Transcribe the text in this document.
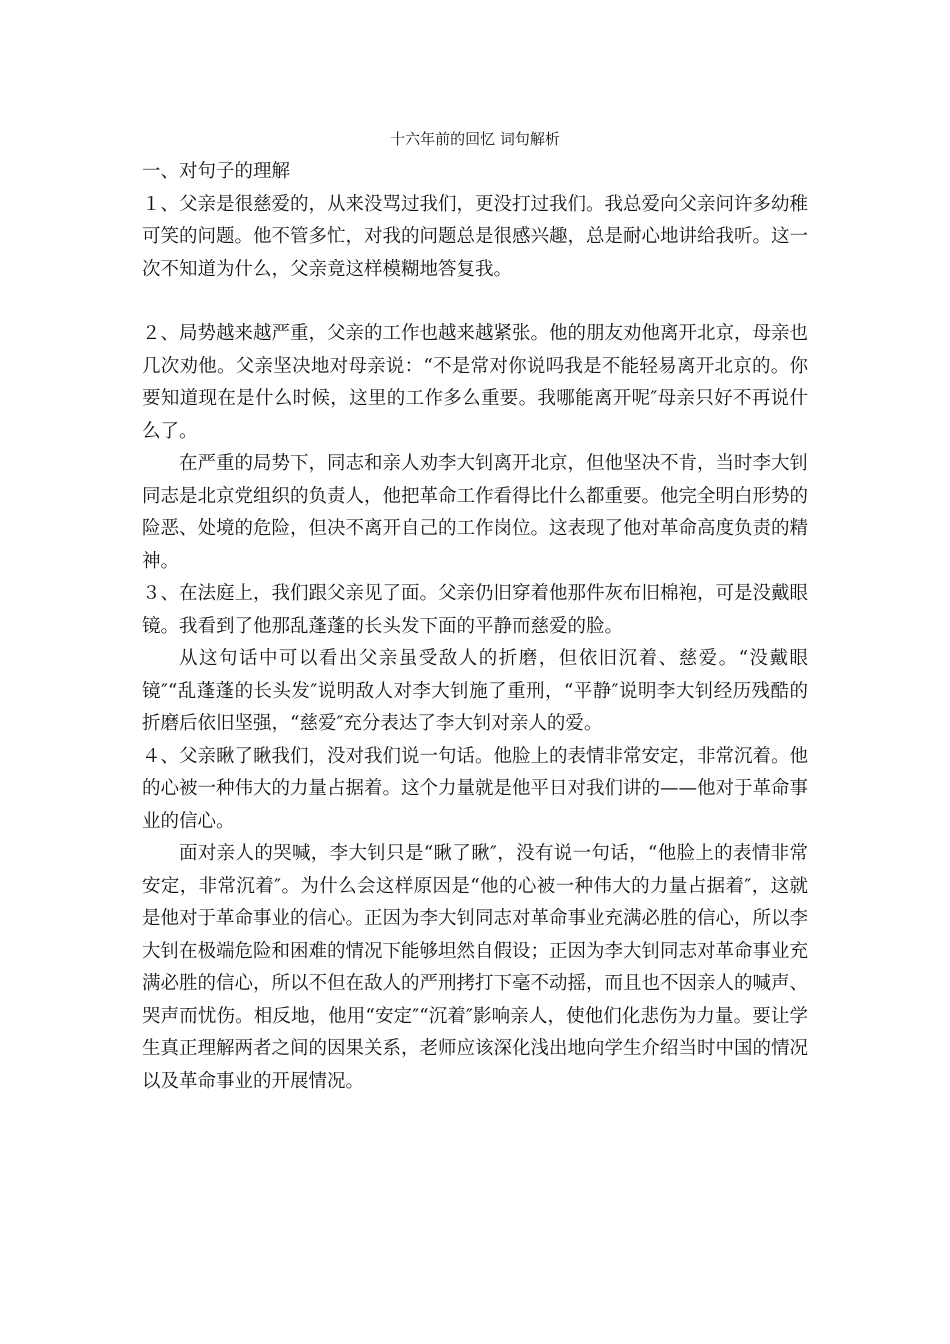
十六年前的回忆 词句解析

一、对句子的理解

１、父亲是很慈爱的，从来没骂过我们，更没打过我们。我总爱向父亲问许多幼稚可笑的问题。他不管多忙，对我的问题总是很感兴趣，总是耐心地讲给我听。这一次不知道为什么，父亲竟这样模糊地答复我。

２、局势越来越严重，父亲的工作也越来越紧张。他的朋友劝他离开北京，母亲也几次劝他。父亲坚决地对母亲说：“不是常对你说吗我是不能轻易离开北京的。你要知道现在是什么时候，这里的工作多么重要。我哪能离开呢″母亲只好不再说什么了。

在严重的局势下，同志和亲人劝李大钊离开北京，但他坚决不肯，当时李大钊同志是北京党组织的负责人，他把革命工作看得比什么都重要。他完全明白形势的险恶、处境的危险，但决不离开自己的工作岗位。这表现了他对革命高度负责的精神。

３、在法庭上，我们跟父亲见了面。父亲仍旧穿着他那件灰布旧棉袍，可是没戴眼镜。我看到了他那乱蓬蓬的长头发下面的平静而慈爱的脸。

从这句话中可以看出父亲虽受敌人的折磨，但依旧沉着、慈爱。“没戴眼镜″“乱蓬蓬的长头发″说明敌人对李大钊施了重刑，“平静″说明李大钊经历残酷的折磨后依旧坚强，“慈爱″充分表达了李大钊对亲人的爱。

４、父亲瞅了瞅我们，没对我们说一句话。他脸上的表情非常安定，非常沉着。他的心被一种伟大的力量占据着。这个力量就是他平日对我们讲的——他对于革命事业的信心。

面对亲人的哭喊，李大钊只是“瞅了瞅″，没有说一句话，“他脸上的表情非常安定，非常沉着″。为什么会这样原因是“他的心被一种伟大的力量占据着″，这就是他对于革命事业的信心。正因为李大钊同志对革命事业充满必胜的信心，所以李大钊在极端危险和困难的情况下能够坦然自假设；正因为李大钊同志对革命事业充满必胜的信心，所以不但在敌人的严刑拷打下毫不动摇，而且也不因亲人的喊声、哭声而忧伤。相反地，他用“安定″“沉着″影响亲人，使他们化悲伤为力量。要让学生真正理解两者之间的因果关系，老师应该深化浅出地向学生介绍当时中国的情况以及革命事业的开展情况。
